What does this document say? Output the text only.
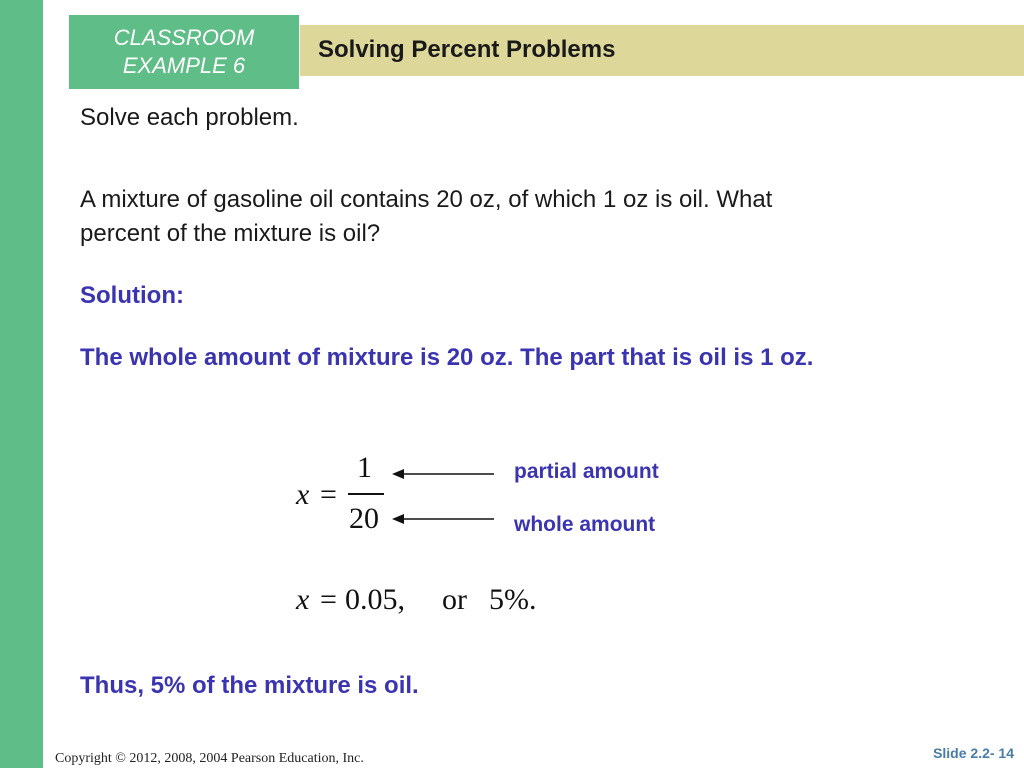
CLASSROOM
EXAMPLE 6
Solving Percent Problems
Solve each problem.
A mixture of gasoline oil contains 20 oz, of which 1 oz is oil. What
percent of the mixture is oil?
Solution:
The whole amount of mixture is 20 oz. The part that is oil is 1 oz.
x =
1
20
partial amount
whole amount
x = 0.05, or 5%.
Thus, 5% of the mixture is oil.
Copyright © 2012, 2008, 2004 Pearson Education, Inc.	Slide 2.2- 14
